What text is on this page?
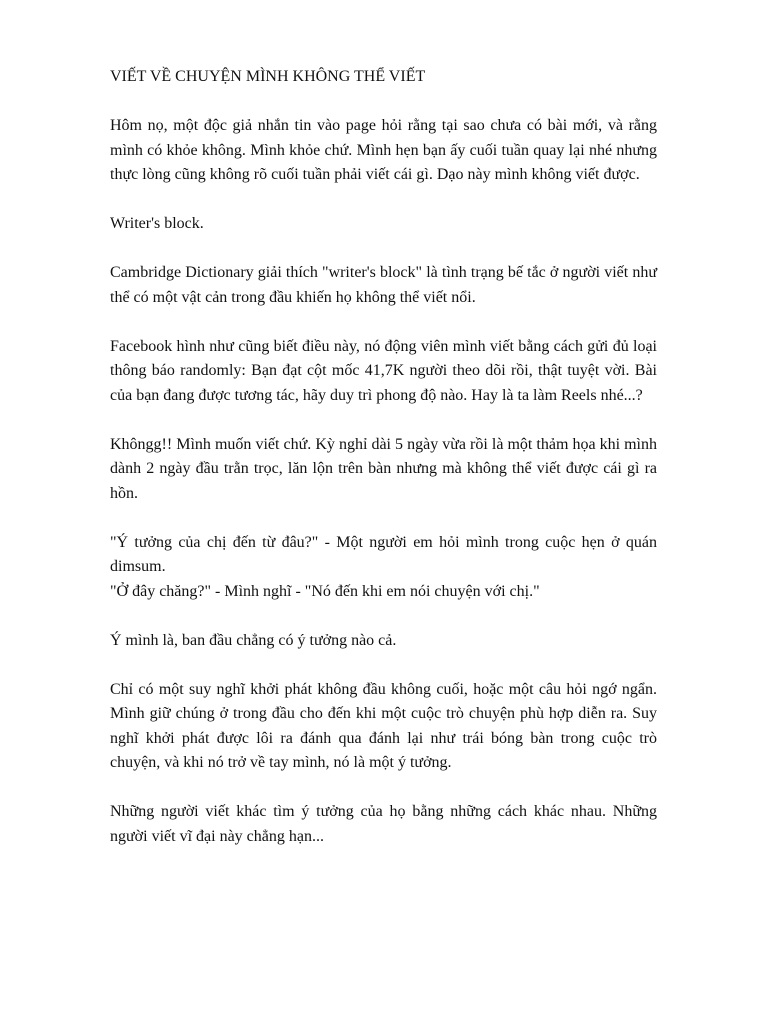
VIẾT VỀ CHUYỆN MÌNH KHÔNG THỂ VIẾT

Hôm nọ, một độc giả nhắn tin vào page hỏi rằng tại sao chưa có bài mới, và rằng mình có khỏe không. Mình khỏe chứ. Mình hẹn bạn ấy cuối tuần quay lại nhé nhưng thực lòng cũng không rõ cuối tuần phải viết cái gì. Dạo này mình không viết được.

Writer's block.

Cambridge Dictionary giải thích "writer's block" là tình trạng bế tắc ở người viết như thể có một vật cản trong đầu khiến họ không thể viết nổi.

Facebook hình như cũng biết điều này, nó động viên mình viết bằng cách gửi đủ loại thông báo randomly: Bạn đạt cột mốc 41,7K người theo dõi rồi, thật tuyệt vời. Bài của bạn đang được tương tác, hãy duy trì phong độ nào. Hay là ta làm Reels nhé...?

Khôngg!! Mình muốn viết chứ. Kỳ nghỉ dài 5 ngày vừa rồi là một thảm họa khi mình dành 2 ngày đầu trằn trọc, lăn lộn trên bàn nhưng mà không thể viết được cái gì ra hồn.

"Ý tưởng của chị đến từ đâu?" - Một người em hỏi mình trong cuộc hẹn ở quán dimsum.

"Ở đây chăng?" - Mình nghĩ - "Nó đến khi em nói chuyện với chị."

Ý mình là, ban đầu chẳng có ý tưởng nào cả.

Chỉ có một suy nghĩ khởi phát không đầu không cuối, hoặc một câu hỏi ngớ ngẩn. Mình giữ chúng ở trong đầu cho đến khi một cuộc trò chuyện phù hợp diễn ra. Suy nghĩ khởi phát được lôi ra đánh qua đánh lại như trái bóng bàn trong cuộc trò chuyện, và khi nó trở về tay mình, nó là một ý tưởng.

Những người viết khác tìm ý tưởng của họ bằng những cách khác nhau. Những người viết vĩ đại này chẳng hạn...
